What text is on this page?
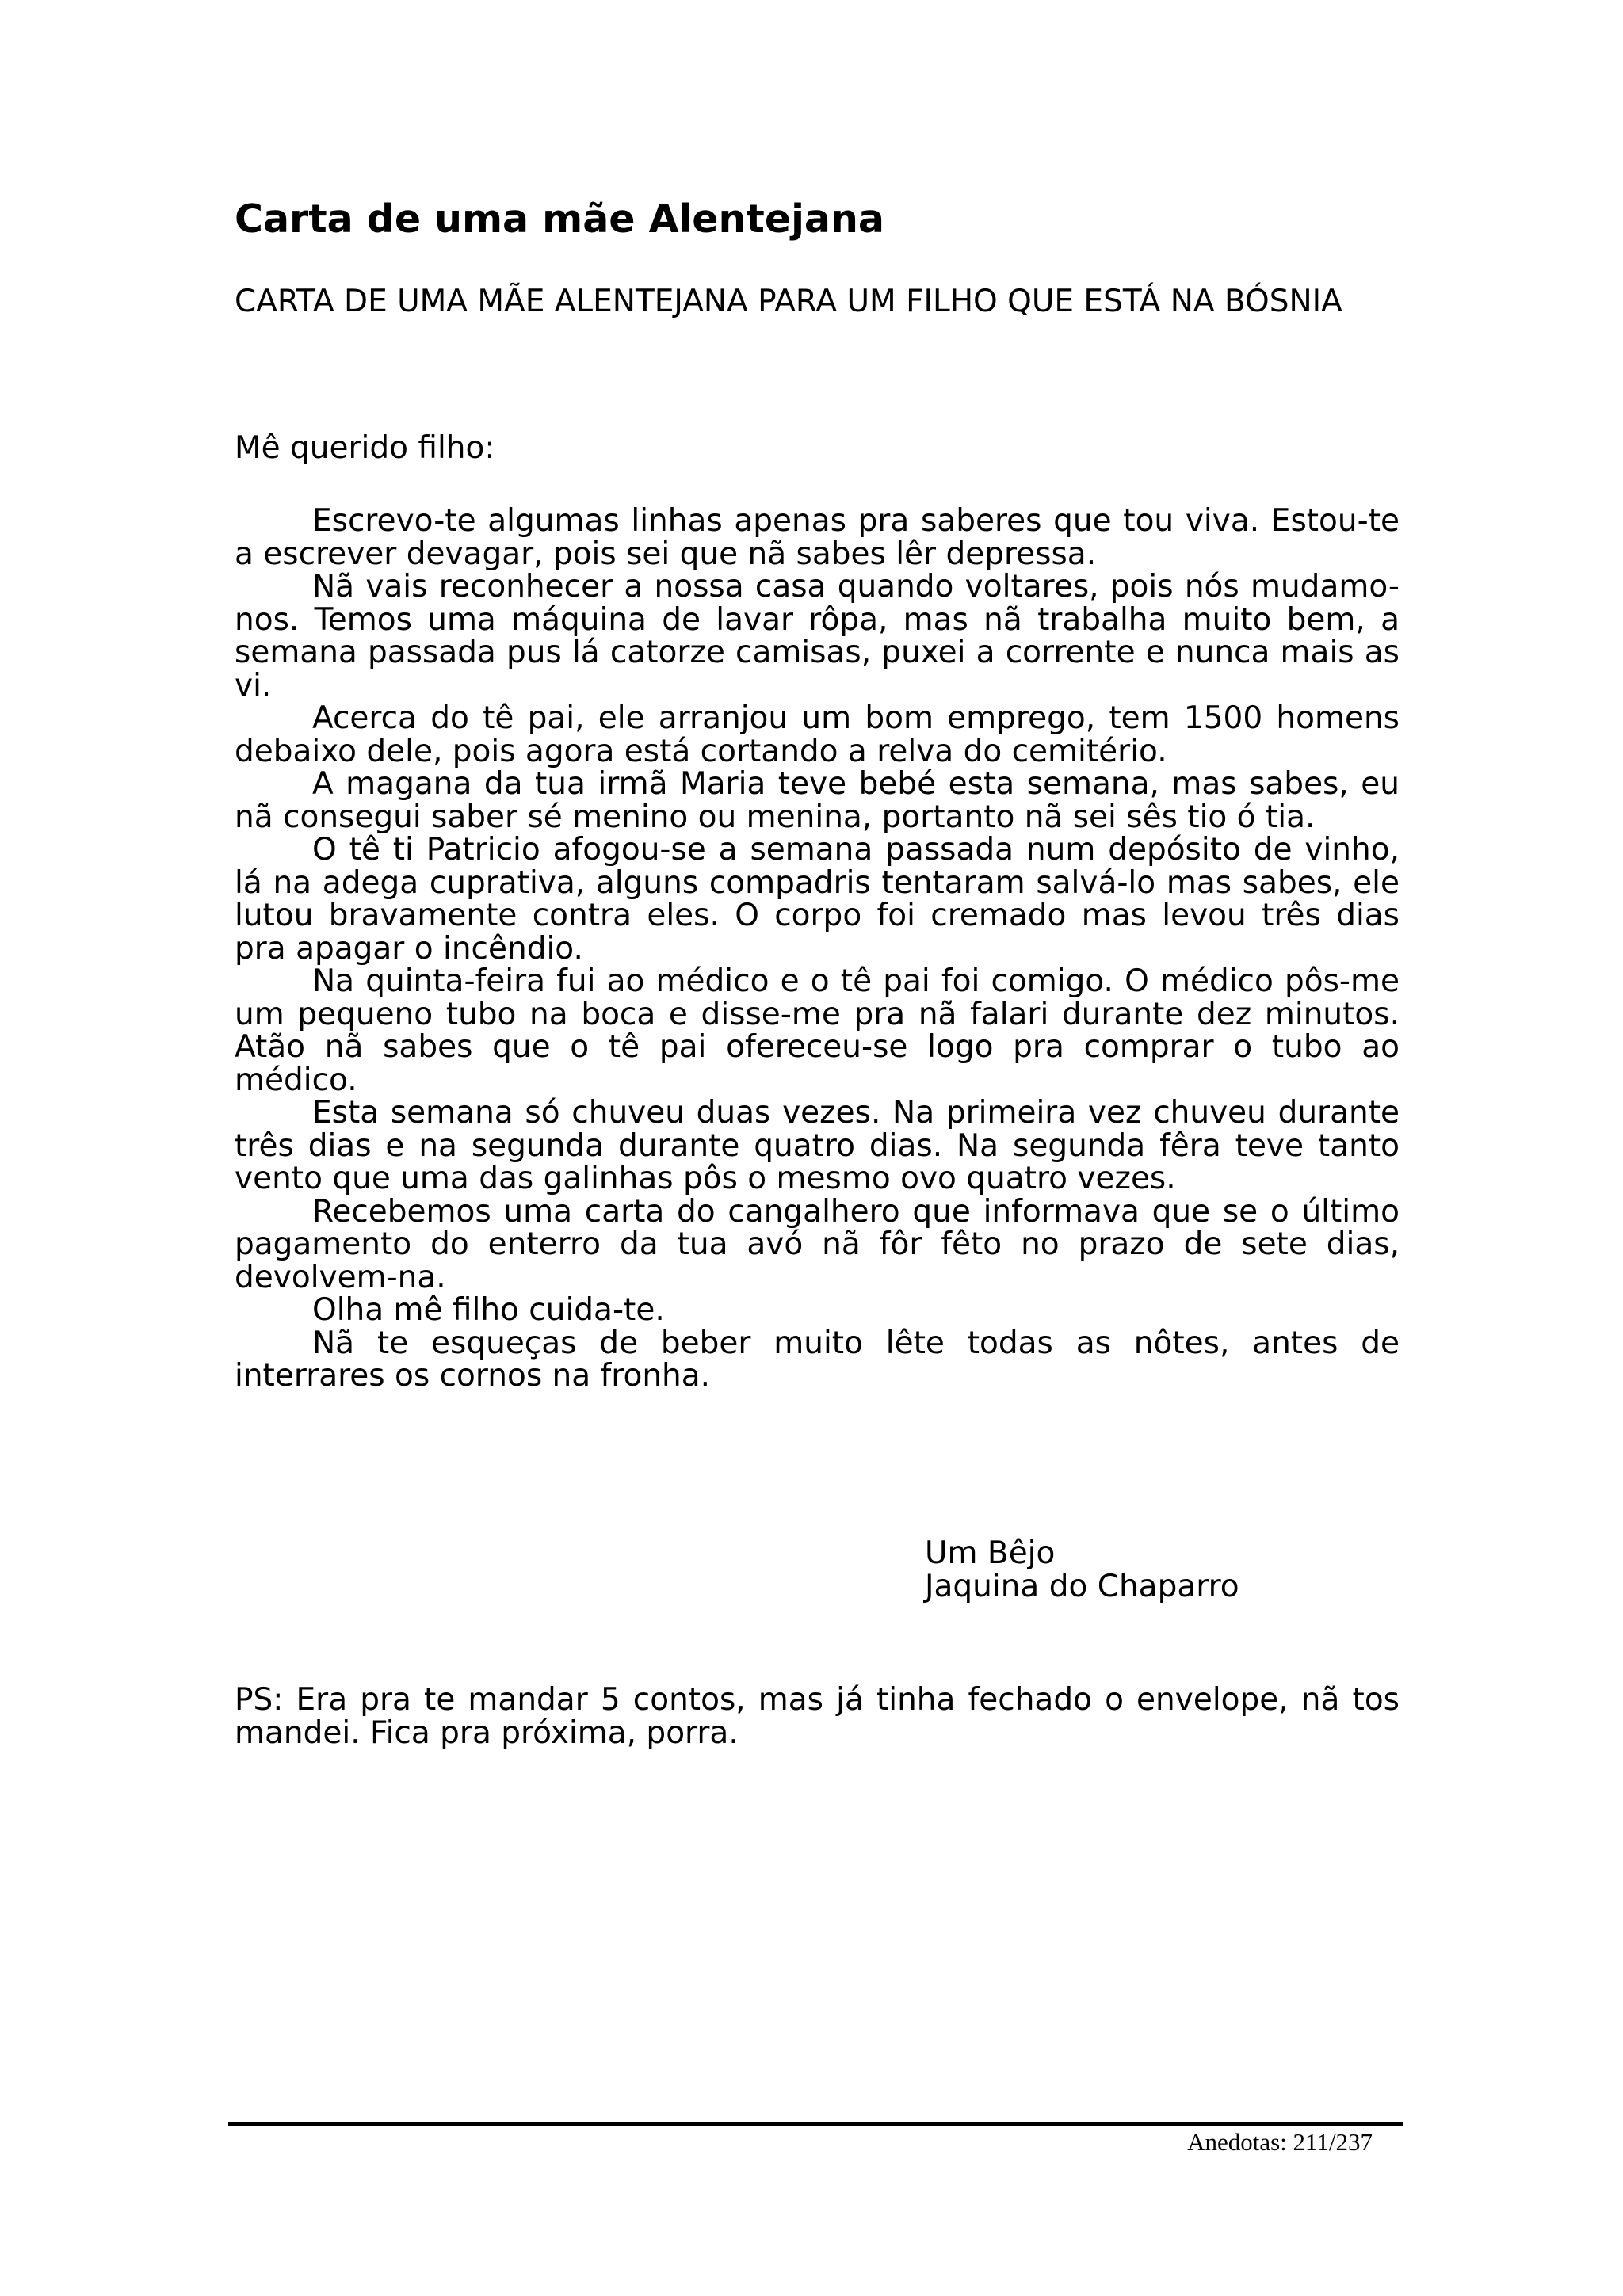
Carta de uma mãe Alentejana

CARTA DE UMA MÃE ALENTEJANA PARA UM FILHO QUE ESTÁ NA BÓSNIA

Mê querido filho:

Escrevo-te algumas linhas apenas pra saberes que tou viva. Estou-te a escrever devagar, pois sei que nã sabes lêr depressa.

Nã vais reconhecer a nossa casa quando voltares, pois nós mudamo-nos. Temos uma máquina de lavar rôpa, mas nã trabalha muito bem, a semana passada pus lá catorze camisas, puxei a corrente e nunca mais as vi.

Acerca do tê pai, ele arranjou um bom emprego, tem 1500 homens debaixo dele, pois agora está cortando a relva do cemitério.

A magana da tua irmã Maria teve bebé esta semana, mas sabes, eu nã consegui saber sé menino ou menina, portanto nã sei sês tio ó tia.

O tê ti Patricio afogou-se a semana passada num depósito de vinho, lá na adega cuprativa, alguns compadris tentaram salvá-lo mas sabes, ele lutou bravamente contra eles. O corpo foi cremado mas levou três dias pra apagar o incêndio.

Na quinta-feira fui ao médico e o tê pai foi comigo. O médico pôs-me um pequeno tubo na boca e disse-me pra nã falari durante dez minutos. Atão nã sabes que o tê pai ofereceu-se logo pra comprar o tubo ao médico.

Esta semana só chuveu duas vezes. Na primeira vez chuveu durante três dias e na segunda durante quatro dias. Na segunda fêra teve tanto vento que uma das galinhas pôs o mesmo ovo quatro vezes.

Recebemos uma carta do cangalhero que informava que se o último pagamento do enterro da tua avó nã fôr fêto no prazo de sete dias, devolvem-na.

Olha mê filho cuida-te.

Nã te esqueças de beber muito lête todas as nôtes, antes de interrares os cornos na fronha.

Um Bêjo
Jaquina do Chaparro

PS: Era pra te mandar 5 contos, mas já tinha fechado o envelope, nã tos mandei. Fica pra próxima, porra.

Anedotas: 211/237
